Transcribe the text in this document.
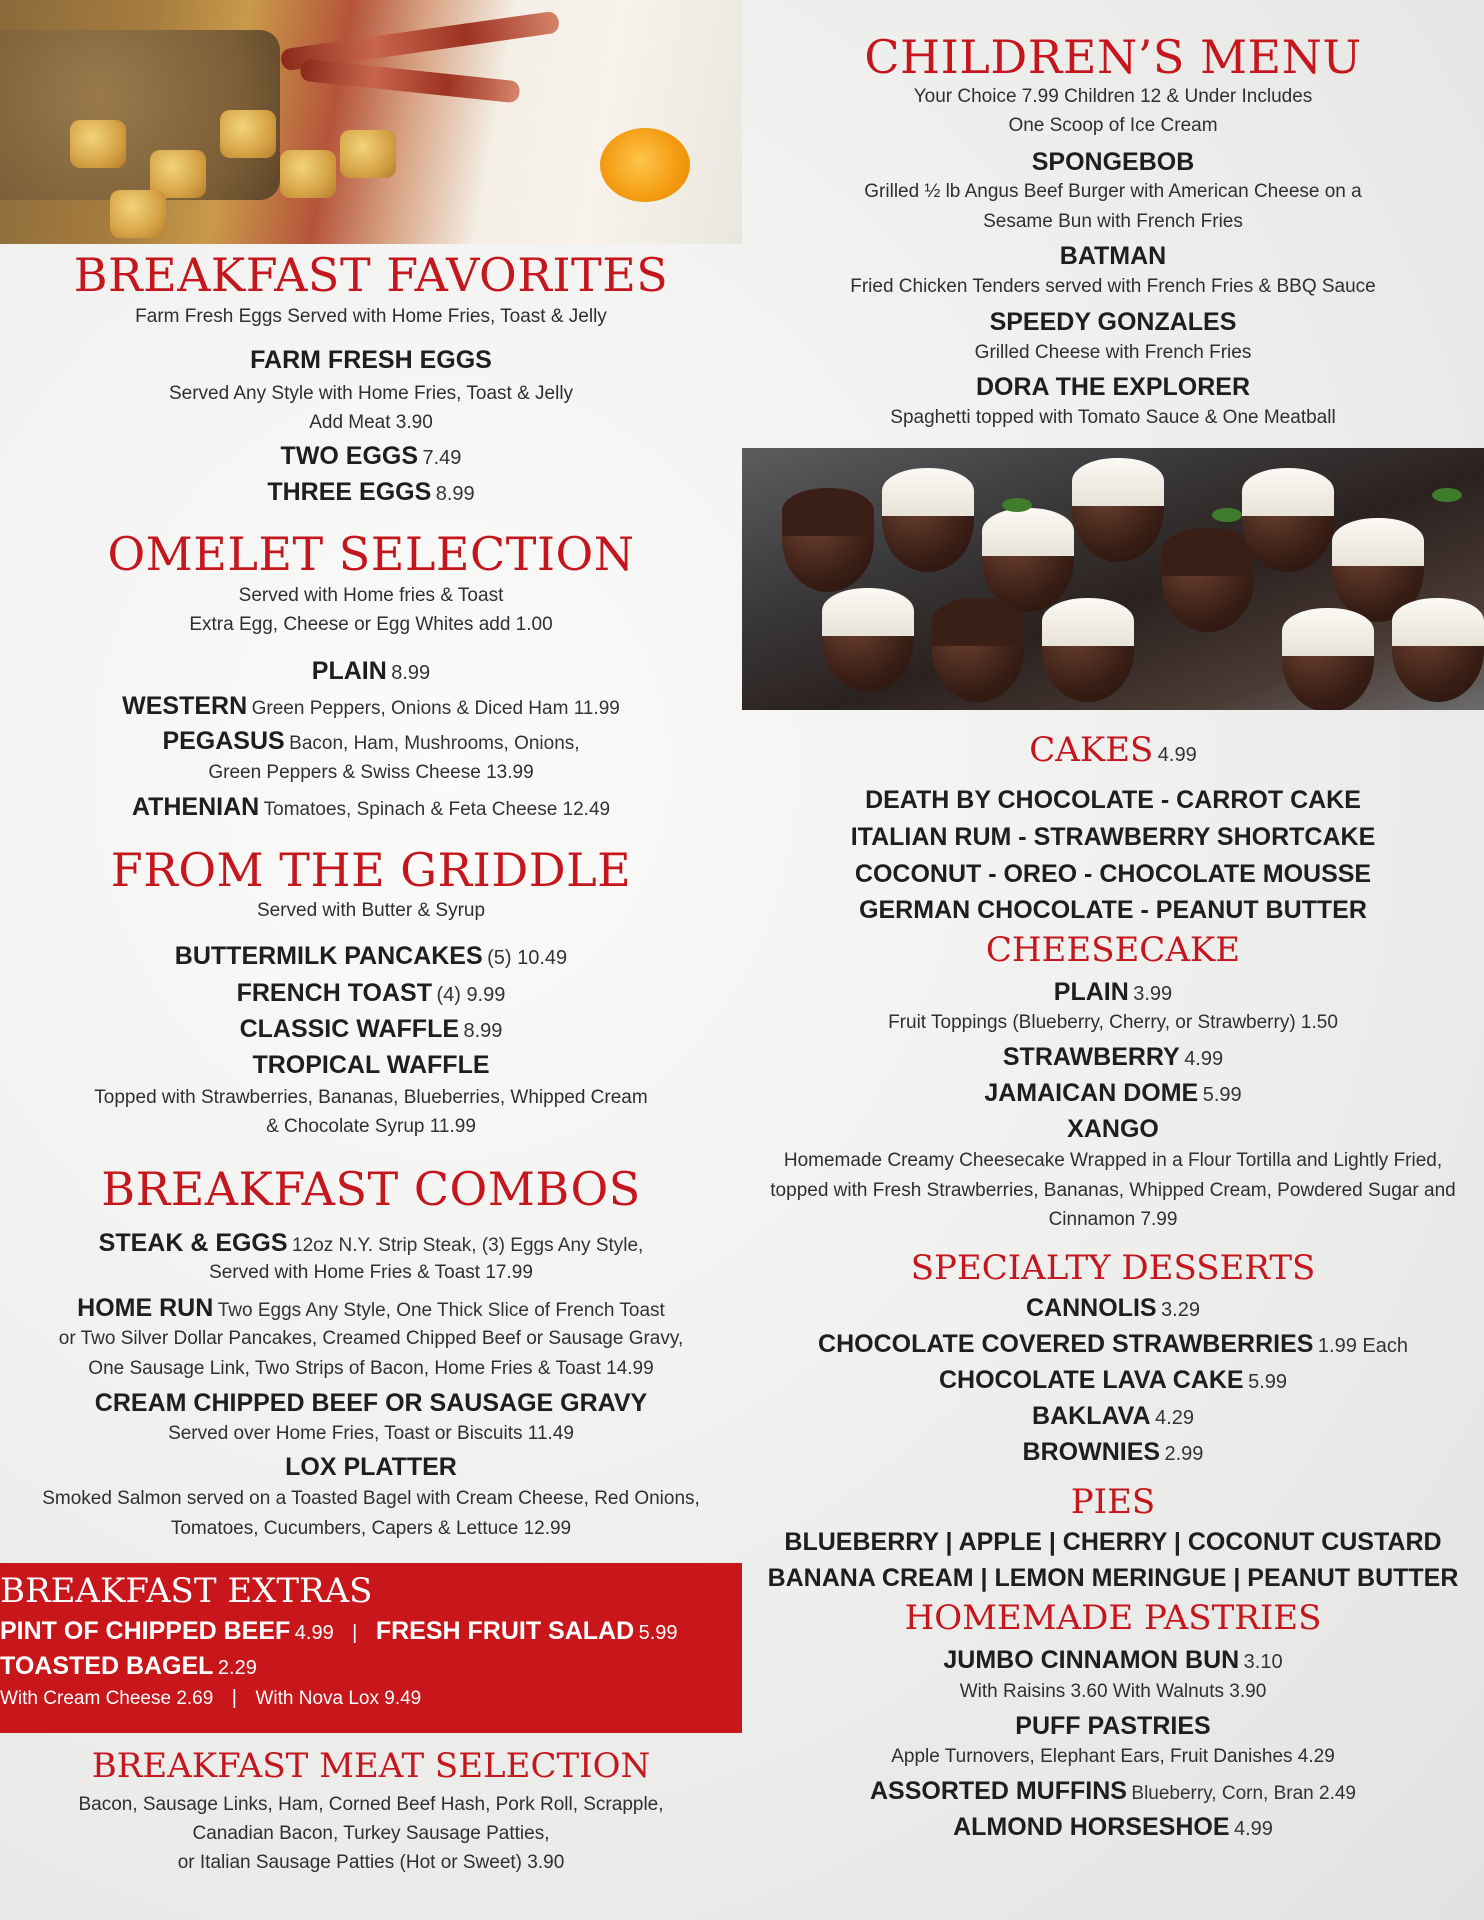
BREAKFAST FAVORITES
Farm Fresh Eggs Served with Home Fries, Toast & Jelly
FARM FRESH EGGS
Served Any Style with Home Fries, Toast & Jelly
Add Meat 3.90
TWO EGGS 7.49
THREE EGGS 8.99
OMELET SELECTION
Served with Home fries & Toast
Extra Egg, Cheese or Egg Whites add 1.00
PLAIN 8.99
WESTERN Green Peppers, Onions & Diced Ham 11.99
PEGASUS Bacon, Ham, Mushrooms, Onions,
Green Peppers & Swiss Cheese 13.99
ATHENIAN Tomatoes, Spinach & Feta Cheese 12.49
FROM THE GRIDDLE
Served with Butter & Syrup
BUTTERMILK PANCAKES (5) 10.49
FRENCH TOAST (4) 9.99
CLASSIC WAFFLE 8.99
TROPICAL WAFFLE
Topped with Strawberries, Bananas, Blueberries, Whipped Cream
& Chocolate Syrup 11.99
BREAKFAST COMBOS
STEAK & EGGS 12oz N.Y. Strip Steak, (3) Eggs Any Style,
Served with Home Fries & Toast 17.99
HOME RUN Two Eggs Any Style, One Thick Slice of French Toast
or Two Silver Dollar Pancakes, Creamed Chipped Beef or Sausage Gravy,
One Sausage Link, Two Strips of Bacon, Home Fries & Toast 14.99
CREAM CHIPPED BEEF OR SAUSAGE GRAVY
Served over Home Fries, Toast or Biscuits 11.49
LOX PLATTER
Smoked Salmon served on a Toasted Bagel with Cream Cheese, Red Onions,
Tomatoes, Cucumbers, Capers & Lettuce 12.99
BREAKFAST EXTRAS
PINT OF CHIPPED BEEF 4.99 | FRESH FRUIT SALAD 5.99
TOASTED BAGEL 2.29
With Cream Cheese 2.69 | With Nova Lox 9.49
BREAKFAST MEAT SELECTION
Bacon, Sausage Links, Ham, Corned Beef Hash, Pork Roll, Scrapple,
Canadian Bacon, Turkey Sausage Patties,
or Italian Sausage Patties (Hot or Sweet) 3.90
CHILDREN’S MENU
Your Choice 7.99 Children 12 & Under Includes
One Scoop of Ice Cream
SPONGEBOB
Grilled ½ lb Angus Beef Burger with American Cheese on a
Sesame Bun with French Fries
BATMAN
Fried Chicken Tenders served with French Fries & BBQ Sauce
SPEEDY GONZALES
Grilled Cheese with French Fries
DORA THE EXPLORER
Spaghetti topped with Tomato Sauce & One Meatball
CAKES 4.99
DEATH BY CHOCOLATE - CARROT CAKE
ITALIAN RUM - STRAWBERRY SHORTCAKE
COCONUT - OREO - CHOCOLATE MOUSSE
GERMAN CHOCOLATE - PEANUT BUTTER
CHEESECAKE
PLAIN 3.99
Fruit Toppings (Blueberry, Cherry, or Strawberry) 1.50
STRAWBERRY 4.99
JAMAICAN DOME 5.99
XANGO
Homemade Creamy Cheesecake Wrapped in a Flour Tortilla and Lightly Fried,
topped with Fresh Strawberries, Bananas, Whipped Cream, Powdered Sugar and
Cinnamon 7.99
SPECIALTY DESSERTS
CANNOLIS 3.29
CHOCOLATE COVERED STRAWBERRIES 1.99 Each
CHOCOLATE LAVA CAKE 5.99
BAKLAVA 4.29
BROWNIES 2.99
PIES
BLUEBERRY | APPLE | CHERRY | COCONUT CUSTARD
BANANA CREAM | LEMON MERINGUE | PEANUT BUTTER
HOMEMADE PASTRIES
JUMBO CINNAMON BUN 3.10
With Raisins 3.60 With Walnuts 3.90
PUFF PASTRIES
Apple Turnovers, Elephant Ears, Fruit Danishes 4.29
ASSORTED MUFFINS Blueberry, Corn, Bran 2.49
ALMOND HORSESHOE 4.99
